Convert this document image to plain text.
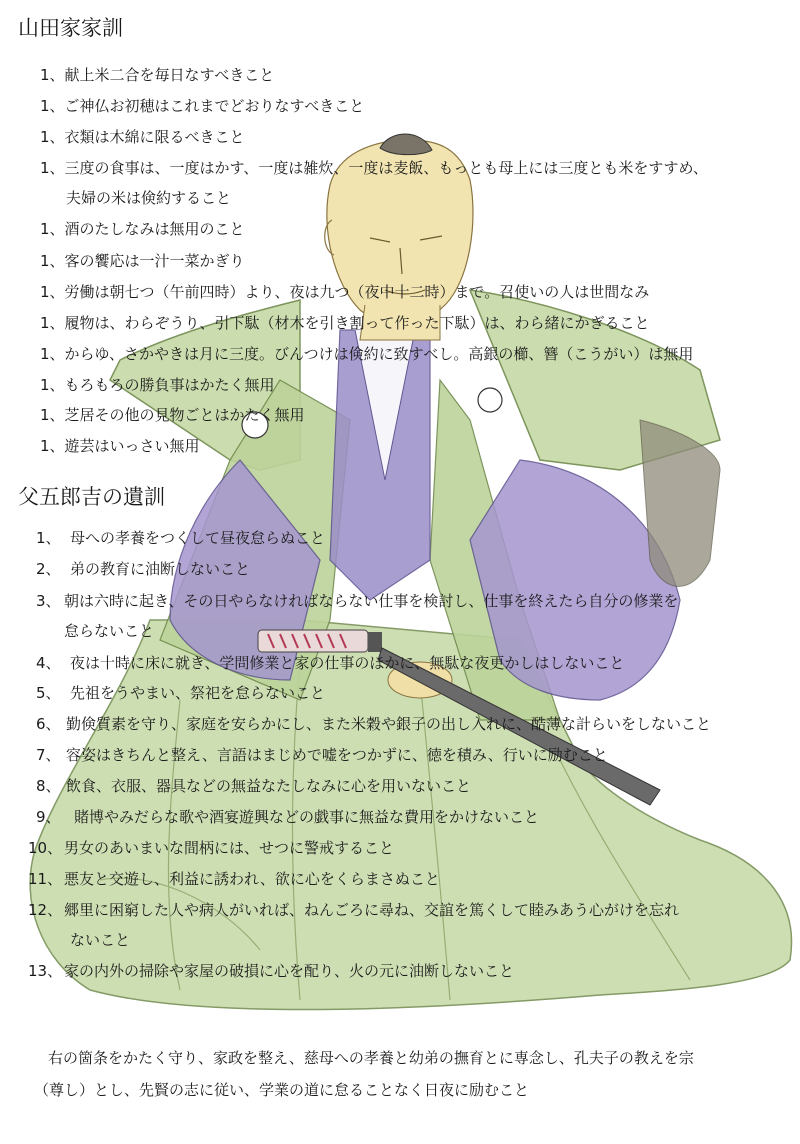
山田家家訓
1、献上米二合を毎日なすべきこと
1、ご神仏お初穂はこれまでどおりなすべきこと
1、衣類は木綿に限るべきこと
1、三度の食事は、一度はかす、一度は雑炊、一度は麦飯、もっとも母上には三度とも米をすすめ、
夫婦の米は倹約すること
1、酒のたしなみは無用のこと
1、客の饗応は一汁一菜かぎり
1、労働は朝七つ（午前四時）より、夜は九つ（夜中十二時）まで。召使いの人は世間なみ
1、履物は、わらぞうり、引下駄（材木を引き割って作った下駄）は、わら緒にかぎること
1、からゆ、さかやきは月に三度。びんつけは倹約に致すべし。高銀の櫛、簪（こうがい）は無用
1、もろもろの勝負事はかたく無用
1、芝居その他の見物ごとはかたく無用
1、遊芸はいっさい無用
父五郎吉の遺訓
1、 母への孝養をつくして昼夜怠らぬこと
2、 弟の教育に油断しないこと
3、 朝は六時に起き、その日やらなければならない仕事を検討し、仕事を終えたら自分の修業を
怠らないこと
4、 夜は十時に床に就き、学問修業と家の仕事のほかに、無駄な夜更かしはしないこと
5、 先祖をうやまい、祭祀を怠らないこと
6、 勤倹質素を守り、家庭を安らかにし、また米穀や銀子の出し入れに、酷薄な計らいをしないこと
7、 容姿はきちんと整え、言語はまじめで嘘をつかずに、徳を積み、行いに励むこと
8、 飲食、衣服、器具などの無益なたしなみに心を用いないこと
9、 賭博やみだらな歌や酒宴遊興などの戯事に無益な費用をかけないこと
10、 男女のあいまいな間柄には、せつに警戒すること
11、 悪友と交遊し、利益に誘われ、欲に心をくらまさぬこと
12、 郷里に困窮した人や病人がいれば、ねんごろに尋ね、交誼を篤くして睦みあう心がけを忘れ
ないこと
13、 家の内外の掃除や家屋の破損に心を配り、火の元に油断しないこと

右の箇条をかたく守り、家政を整え、慈母への孝養と幼弟の撫育とに専念し、孔夫子の教えを宗

（尊し）とし、先賢の志に従い、学業の道に怠ることなく日夜に励むこと
